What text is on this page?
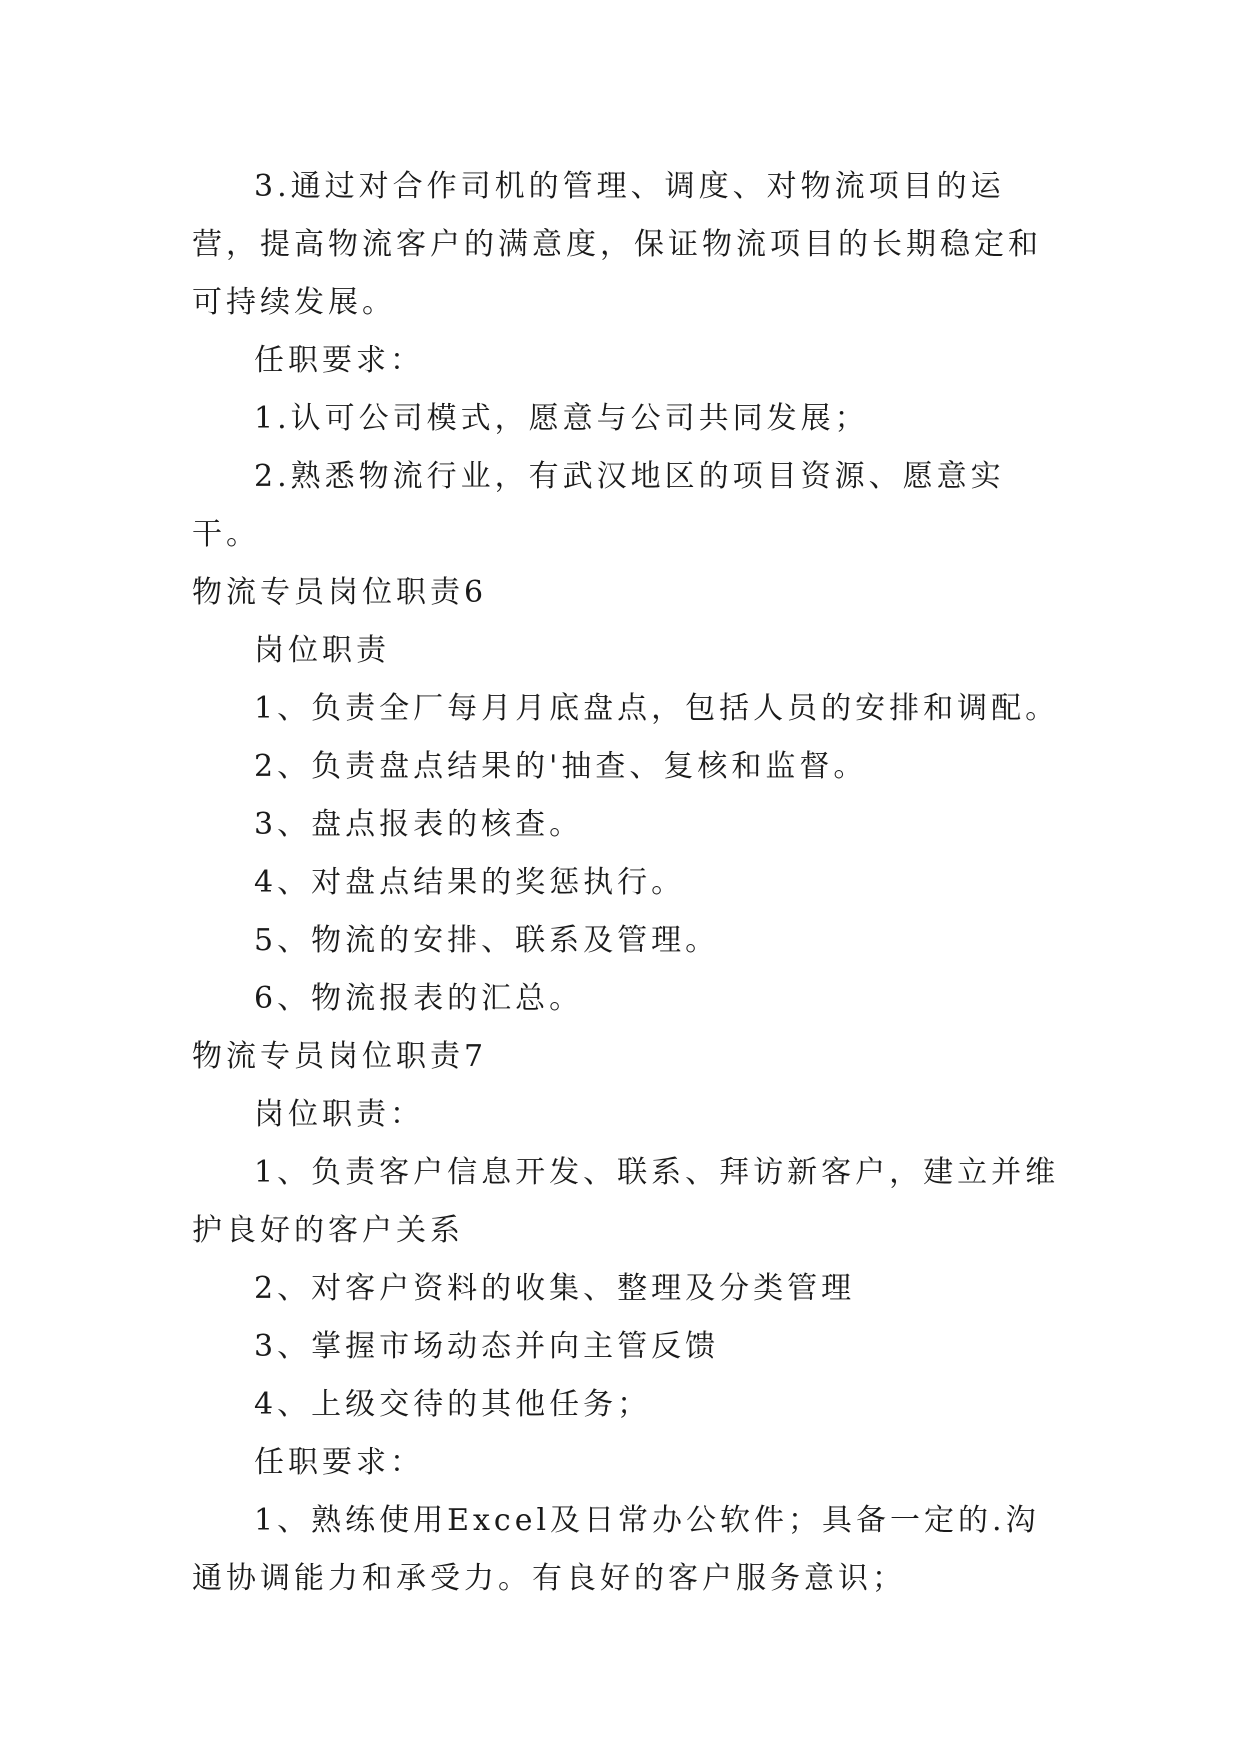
3.通过对合作司机的管理、调度、对物流项目的运营，提高物流客户的满意度，保证物流项目的长期稳定和可持续发展。

任职要求：

1.认可公司模式，愿意与公司共同发展；

2.熟悉物流行业，有武汉地区的项目资源、愿意实干。

物流专员岗位职责6

岗位职责

1、负责全厂每月月底盘点，包括人员的安排和调配。

2、负责盘点结果的'抽查、复核和监督。

3、盘点报表的核查。

4、对盘点结果的奖惩执行。

5、物流的安排、联系及管理。

6、物流报表的汇总。

物流专员岗位职责7

岗位职责：

1、负责客户信息开发、联系、拜访新客户，建立并维护良好的客户关系

2、对客户资料的收集、整理及分类管理

3、掌握市场动态并向主管反馈

4、上级交待的其他任务；

任职要求：

1、熟练使用Excel及日常办公软件；具备一定的.沟通协调能力和承受力。有良好的客户服务意识；
